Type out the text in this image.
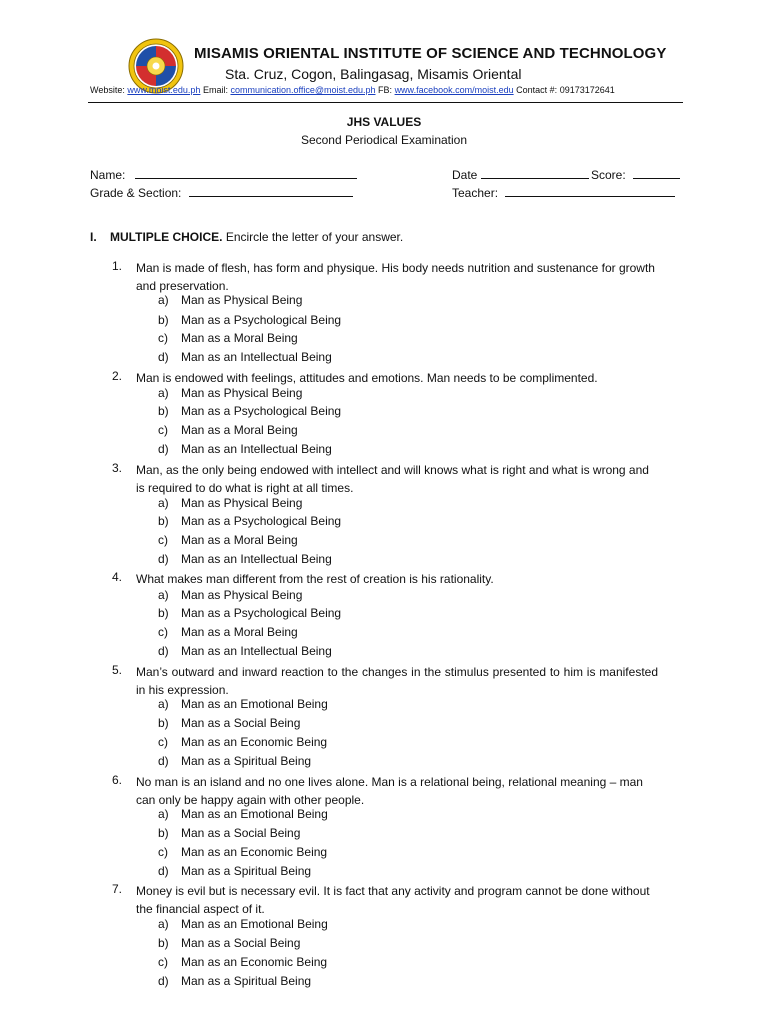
MISAMIS ORIENTAL INSTITUTE OF SCIENCE AND TECHNOLOGY
Sta. Cruz, Cogon, Balingasag, Misamis Oriental
Website: www.moist.edu.ph Email: communication.office@moist.edu.ph FB: www.facebook.com/moist.edu Contact #: 09173172641
JHS VALUES
Second Periodical Examination
Name:
Grade & Section:
Date	Score:
Teacher:
I. MULTIPLE CHOICE. Encircle the letter of your answer.
1. Man is made of flesh, has form and physique. His body needs nutrition and sustenance for growth and preservation.
a) Man as Physical Being
b) Man as a Psychological Being
c) Man as a Moral Being
d) Man as an Intellectual Being
2. Man is endowed with feelings, attitudes and emotions. Man needs to be complimented.
a) Man as Physical Being
b) Man as a Psychological Being
c) Man as a Moral Being
d) Man as an Intellectual Being
3. Man, as the only being endowed with intellect and will knows what is right and what is wrong and is required to do what is right at all times.
a) Man as Physical Being
b) Man as a Psychological Being
c) Man as a Moral Being
d) Man as an Intellectual Being
4. What makes man different from the rest of creation is his rationality.
a) Man as Physical Being
b) Man as a Psychological Being
c) Man as a Moral Being
d) Man as an Intellectual Being
5. Man’s outward and inward reaction to the changes in the stimulus presented to him is manifested in his expression.
a) Man as an Emotional Being
b) Man as a Social Being
c) Man as an Economic Being
d) Man as a Spiritual Being
6. No man is an island and no one lives alone. Man is a relational being, relational meaning – man can only be happy again with other people.
a) Man as an Emotional Being
b) Man as a Social Being
c) Man as an Economic Being
d) Man as a Spiritual Being
7. Money is evil but is necessary evil. It is fact that any activity and program cannot be done without the financial aspect of it.
a) Man as an Emotional Being
b) Man as a Social Being
c) Man as an Economic Being
d) Man as a Spiritual Being
